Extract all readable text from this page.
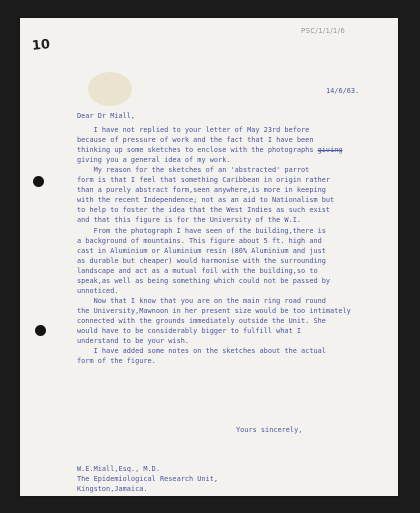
10
PSC/1/1/1/6
14/6/63.
Dear Dr Miall,
I have not replied to your letter of May 23rd before
because of pressure of work and the fact that I have been
thinking up some sketches to enclose with the photographs giving
giving you a general idea of my work.
My reason for the sketches of an 'abstracted' parrot
form is that I feel that something Caribbean in origin rather
than a purely abstract form,seen anywhere,is more in keeping
with the recent Independence; not as an aid to Nationalism but
to help to foster the idea that the West Indies as such exist
and that this figure is for the University of the W.I.
From the photograph I have seen of the building,there is
a background of mountains. This figure about 5 ft. high and
cast in Aluminium or Aluminium resin (80% Aluminium and just
as durable but cheaper) would harmonise with the surrounding
landscape and act as a mutual foil with the building,so to
speak,as well as being something which could not be passed by
unnoticed.
Now that I know that you are on the main ring road round
the University,Mawnoon in her present size would be too intimately
connected with the grounds immediately outside the Unit. She
would have to be considerably bigger to fulfill what I
understand to be your wish.
I have added some notes on the sketches about the actual
form of the figure.
Yours sincerely,
W.E.Miall,Esq., M.D.
The Epidemiological Research Unit,
Kingston,Jamaica.
